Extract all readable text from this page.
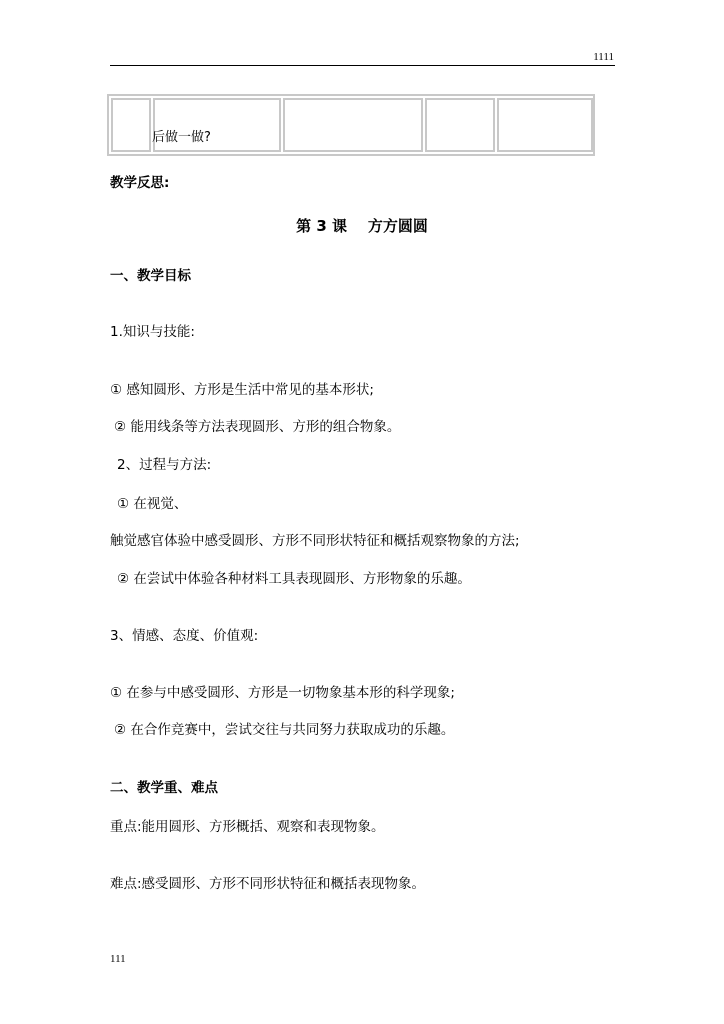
1111
后做一做?
教学反思:
第 3 课    方方圆圆
一、教学目标
1.知识与技能:
① 感知圆形、方形是生活中常见的基本形状;
② 能用线条等方法表现圆形、方形的组合物象。
2、过程与方法:
① 在视觉、
触觉感官体验中感受圆形、方形不同形状特征和概括观察物象的方法;
② 在尝试中体验各种材料工具表现圆形、方形物象的乐趣。
3、情感、态度、价值观:
① 在参与中感受圆形、方形是一切物象基本形的科学现象;
② 在合作竞赛中，尝试交往与共同努力获取成功的乐趣。
二、教学重、难点
重点:能用圆形、方形概括、观察和表现物象。
难点:感受圆形、方形不同形状特征和概括表现物象。
111
